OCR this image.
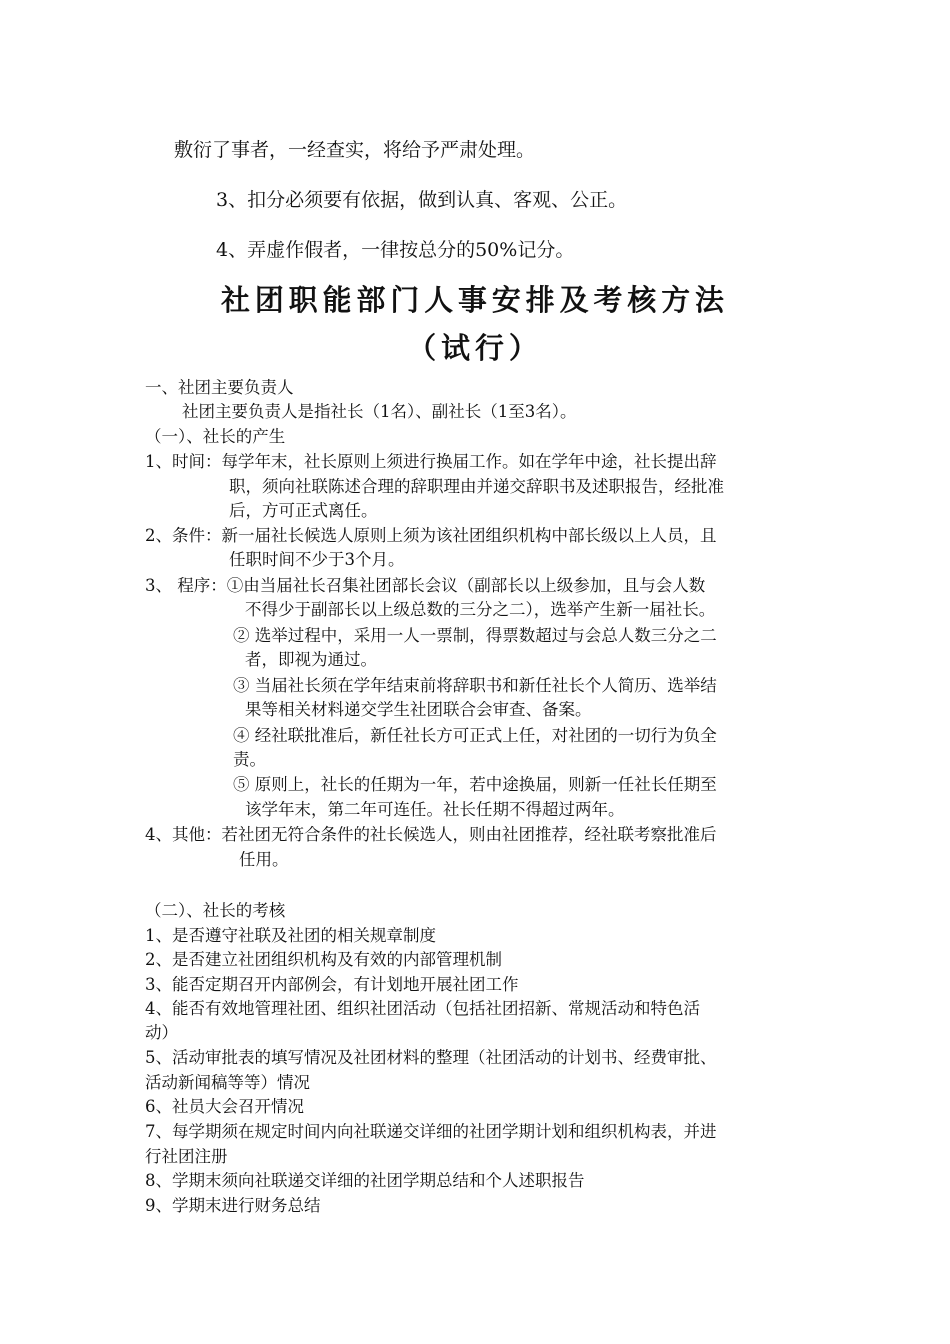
敷衍了事者，一经查实，将给予严肃处理。
3、扣分必须要有依据，做到认真、客观、公正。
4、弄虚作假者，一律按总分的50%记分。
社团职能部门人事安排及考核方法
（试行）
一、社团主要负责人
社团主要负责人是指社长（1名）、副社长（1至3名）。
（一）、社长的产生
1、时间：每学年末，社长原则上须进行换届工作。如在学年中途，社长提出辞
职，须向社联陈述合理的辞职理由并递交辞职书及述职报告，经批准
后，方可正式离任。
2、条件：新一届社长候选人原则上须为该社团组织机构中部长级以上人员，且
任职时间不少于3个月。
3、 程序：①由当届社长召集社团部长会议（副部长以上级参加，且与会人数
不得少于副部长以上级总数的三分之二），选举产生新一届社长。
② 选举过程中，采用一人一票制，得票数超过与会总人数三分之二
者，即视为通过。
③ 当届社长须在学年结束前将辞职书和新任社长个人简历、选举结
果等相关材料递交学生社团联合会审查、备案。
④ 经社联批准后，新任社长方可正式上任，对社团的一切行为负全
责。
⑤ 原则上，社长的任期为一年，若中途换届，则新一任社长任期至
该学年末，第二年可连任。社长任期不得超过两年。
4、其他：若社团无符合条件的社长候选人，则由社团推荐，经社联考察批准后
任用。
（二）、社长的考核
1、是否遵守社联及社团的相关规章制度
2、是否建立社团组织机构及有效的内部管理机制
3、能否定期召开内部例会，有计划地开展社团工作
4、能否有效地管理社团、组织社团活动（包括社团招新、常规活动和特色活
动）
5、活动审批表的填写情况及社团材料的整理（社团活动的计划书、经费审批、
活动新闻稿等等）情况
6、社员大会召开情况
7、每学期须在规定时间内向社联递交详细的社团学期计划和组织机构表，并进
行社团注册
8、学期末须向社联递交详细的社团学期总结和个人述职报告
9、学期末进行财务总结
